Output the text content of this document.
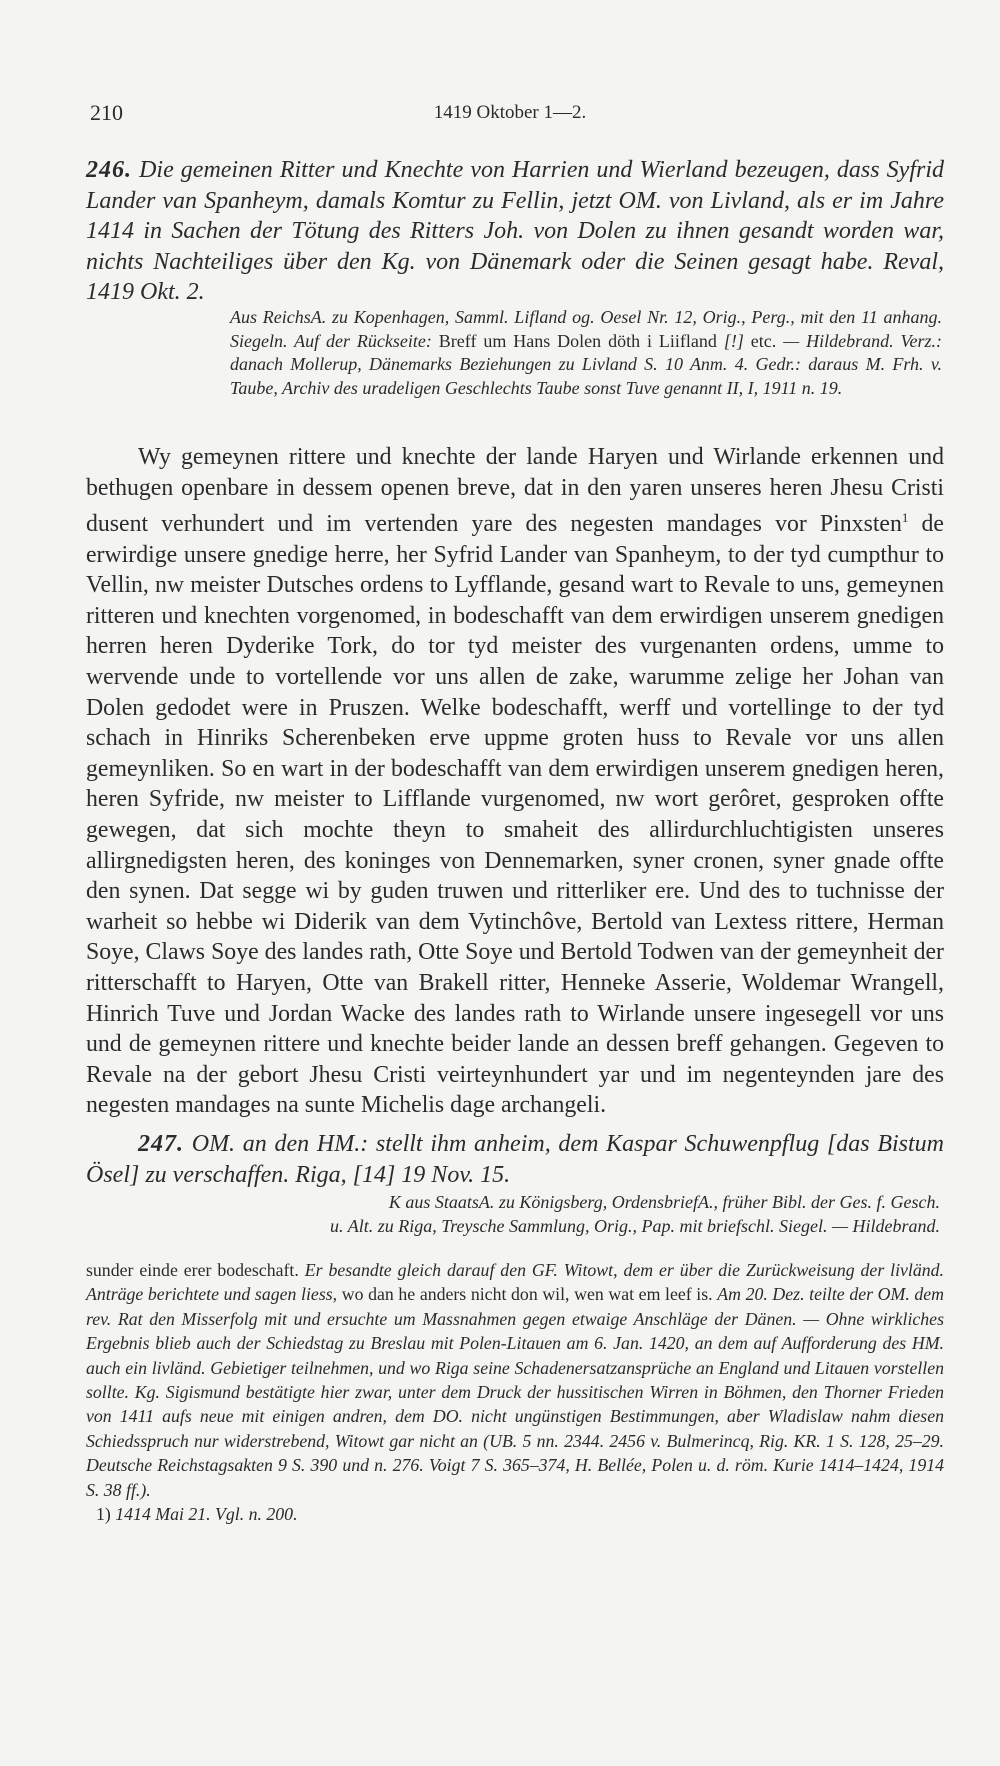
210	1419 Oktober 1—2.

246. Die gemeinen Ritter und Knechte von Harrien und Wierland bezeugen, dass Syfrid Lander van Spanheym, damals Komtur zu Fellin, jetzt OM. von Livland, als er im Jahre 1414 in Sachen der Tötung des Ritters Joh. von Dolen zu ihnen gesandt worden war, nichts Nachteiliges über den Kg. von Dänemark oder die Seinen gesagt habe. Reval, 1419 Okt. 2.

Aus ReichsA. zu Kopenhagen, Samml. Lifland og. Oesel Nr. 12, Orig., Perg., mit den 11 anhang. Siegeln. Auf der Rückseite: Breff um Hans Dolen döth i Liifland [!] etc. — Hildebrand. Verz.: danach Mollerup, Dänemarks Beziehungen zu Livland S. 10 Anm. 4. Gedr.: daraus M. Frh. v. Taube, Archiv des uradeligen Geschlechts Taube sonst Tuve genannt II, I, 1911 n. 19.

Wy gemeynen rittere und knechte der lande Haryen und Wirlande erkennen und bethugen openbare in dessem openen breve, dat in den yaren unseres heren Jhesu Cristi dusent verhundert und im vertenden yare des negesten mandages vor Pinxsten$^1$ de erwirdige unsere gnedige herre, her Syfrid Lander van Spanheym, to der tyd cumpthur to Vellin, nw meister Dutsches ordens to Lyfflande, gesand wart to Revale to uns, gemeynen ritteren und knechten vorgenomed, in bodeschafft van dem erwirdigen unserem gnedigen herren heren Dyderike Tork, do tor tyd meister des vurgenanten ordens, umme to wervende unde to vortellende vor uns allen de zake, warumme zelige her Johan van Dolen gedodet were in Pruszen. Welke bodeschafft, werff und vortellinge to der tyd schach in Hinriks Scherenbeken erve uppme groten huss to Revale vor uns allen gemeynliken. So en wart in der bodeschafft van dem erwirdigen unserem gnedigen heren, heren Syfride, nw meister to Lifflande vurgenomed, nw wort gerôret, gesproken offte gewegen, dat sich mochte theyn to smaheit des allirdurchluchtigisten unseres allirgnedigsten heren, des koninges von Dennemarken, syner cronen, syner gnade offte den synen. Dat segge wi by guden truwen und ritterliker ere. Und des to tuchnisse der warheit so hebbe wi Diderik van dem Vytinchôve, Bertold van Lextess rittere, Herman Soye, Claws Soye des landes rath, Otte Soye und Bertold Todwen van der gemeynheit der ritterschafft to Haryen, Otte van Brakell ritter, Henneke Asserie, Woldemar Wrangell, Hinrich Tuve und Jordan Wacke des landes rath to Wirlande unsere ingesegell vor uns und de gemeynen rittere und knechte beider lande an dessen breff gehangen. Gegeven to Revale na der gebort Jhesu Cristi veirteynhundert yar und im negenteynden jare des negesten mandages na sunte Michelis dage archangeli.

247. OM. an den HM.: stellt ihm anheim, dem Kaspar Schuwenpflug [das Bistum Ösel] zu verschaffen. Riga, [14] 19 Nov. 15.

K aus StaatsA. zu Königsberg, OrdensbriefA., früher Bibl. der Ges. f. Gesch.
u. Alt. zu Riga, Treysche Sammlung, Orig., Pap. mit briefschl. Siegel. — Hildebrand.

sunder einde erer bodeschaft. Er besandte gleich darauf den GF. Witowt, dem er über die Zurückweisung der livländ. Anträge berichtete und sagen liess, wo dan he anders nicht don wil, wen wat em leef is. Am 20. Dez. teilte der OM. dem rev. Rat den Misserfolg mit und ersuchte um Massnahmen gegen etwaige Anschläge der Dänen. — Ohne wirkliches Ergebnis blieb auch der Schiedstag zu Breslau mit Polen-Litauen am 6. Jan. 1420, an dem auf Aufforderung des HM. auch ein livländ. Gebietiger teilnehmen, und wo Riga seine Schadenersatzansprüche an England und Litauen vorstellen sollte. Kg. Sigismund bestätigte hier zwar, unter dem Druck der hussitischen Wirren in Böhmen, den Thorner Frieden von 1411 aufs neue mit einigen andren, dem DO. nicht ungünstigen Bestimmungen, aber Wladislaw nahm diesen Schiedsspruch nur widerstrebend, Witowt gar nicht an (UB. 5 nn. 2344. 2456 v. Bulmerincq, Rig. KR. 1 S. 128, 25–29. Deutsche Reichstagsakten 9 S. 390 und n. 276. Voigt 7 S. 365–374, H. Bellée, Polen u. d. röm. Kurie 1414–1424, 1914 S. 38 ff.).

1) 1414 Mai 21. Vgl. n. 200.
